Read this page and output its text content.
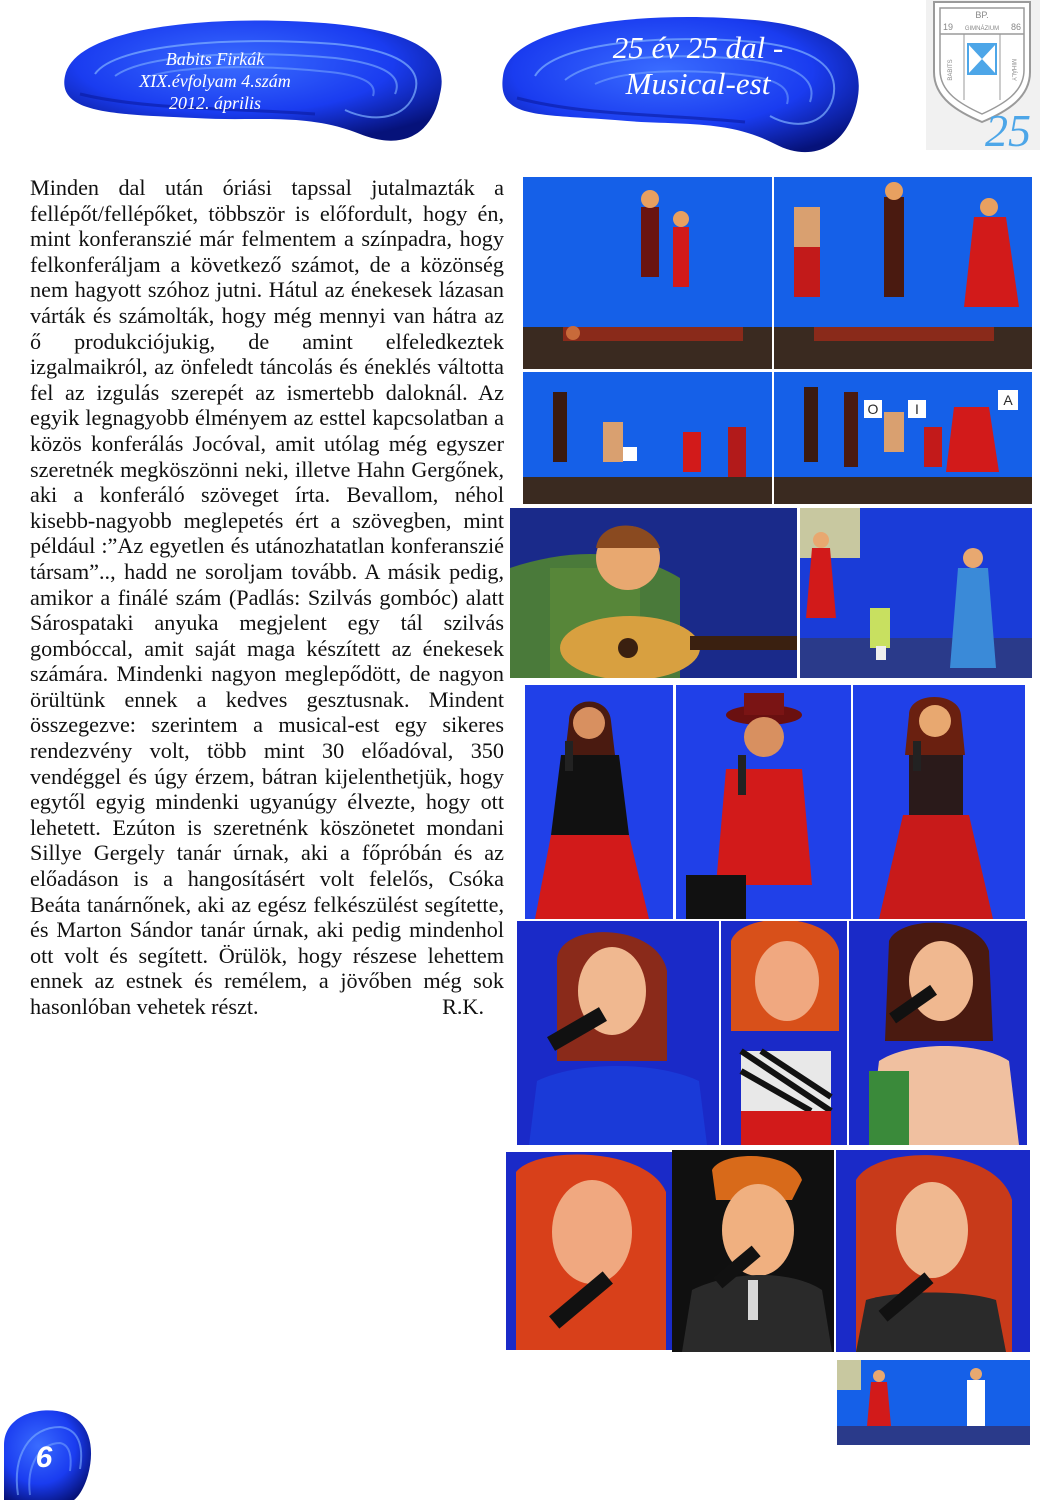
Babits Firkák
XIX.évfolyam 4.szám
2012. április
25 év 25 dal -
Musical-est
BP.
19 GIMNÁZIUM 86
BABITS	MIHÁLY
25

Minden dal után óriási tapssal jutalmazták a fellépőt/fellépőket, többször is előfordult, hogy én, mint konferanszié már felmentem a színpadra, hogy felkonferáljam a következő számot, de a közönség nem hagyott szóhoz jutni. Hátul az énekesek lázasan várták és számolták, hogy még mennyi van hátra az ő produkciójukig, de amint elfeledkeztek izgalmaikról, az önfeledt táncolás és éneklés váltotta fel az izgulás szerepét az ismertebb daloknál. Az egyik legnagyobb élményem az esttel kapcsolatban a közös konferálás Jocóval, amit utólag még egyszer szeretnék megköszönni neki, illetve Hahn Gergőnek, aki a konferáló szöveget írta. Bevallom, néhol kisebb-nagyobb meglepetés ért a szövegben, mint például :”Az egyetlen és utánozhatatlan konferanszié társam”.., hadd ne soroljam tovább. A másik pedig, amikor a finálé szám (Padlás: Szilvás gombóc) alatt Sárospataki anyuka megjelent egy tál szilvás gombóccal, amit saját maga készített az énekesek számára. Mindenki nagyon meglepődött, de nagyon örültünk ennek a kedves gesztusnak. Mindent összegezve: szerintem a musical-est egy sikeres rendezvény volt, több mint 30 előadóval, 350 vendéggel és úgy érzem, bátran kijelenthetjük, hogy egytől egyig mindenki ugyanúgy élvezte, hogy ott lehetett. Ezúton is szeretnénk köszönetet mondani Sillye Gergely tanár úrnak, aki a főpróbán és az előadáson is a hangosításért volt felelős, Csóka Beáta tanárnőnek, aki az egész felkészülést segítette, és Marton Sándor tanár úrnak, aki pedig mindenhol ott volt és segített. Örülök, hogy részese lehettem ennek az estnek és remélem, a jövőben még sok hasonlóban vehetek részt.	R.K.

O	I
A
6
